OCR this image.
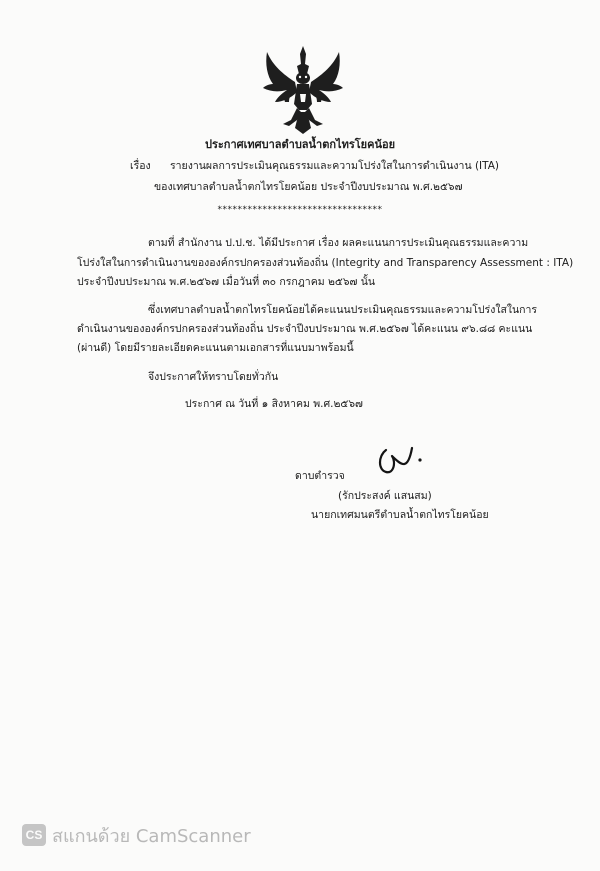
ประกาศเทศบาลตำบลน้ำตกไทรโยคน้อย
เรื่อง รายงานผลการประเมินคุณธรรมและความโปร่งใสในการดำเนินงาน (ITA)
ของเทศบาลตำบลน้ำตกไทรโยคน้อย ประจำปีงบประมาณ พ.ศ.๒๕๖๗
*********************************
ตามที่ สำนักงาน ป.ป.ช. ได้มีประกาศ เรื่อง ผลคะแนนการประเมินคุณธรรมและความ
โปร่งใสในการดำเนินงานขององค์กรปกครองส่วนท้องถิ่น (Integrity and Transparency Assessment : ITA)
ประจำปีงบประมาณ พ.ศ.๒๕๖๗ เมื่อวันที่ ๓๐ กรกฎาคม ๒๕๖๗ นั้น
ซึ่งเทศบาลตำบลน้ำตกไทรโยคน้อยได้คะแนนประเมินคุณธรรมและความโปร่งใสในการ
ดำเนินงานขององค์กรปกครองส่วนท้องถิ่น ประจำปีงบประมาณ พ.ศ.๒๕๖๗ ได้คะแนน ๙๖.๘๘ คะแนน
(ผ่านดี) โดยมีรายละเอียดคะแนนตามเอกสารที่แนบมาพร้อมนี้
จึงประกาศให้ทราบโดยทั่วกัน
ประกาศ ณ วันที่ ๑ สิงหาคม พ.ศ.๒๕๖๗
ดาบตำรวจ
(รักประสงค์ แสนสม)
นายกเทศมนตรีตำบลน้ำตกไทรโยคน้อย
CS สแกนด้วย CamScanner
